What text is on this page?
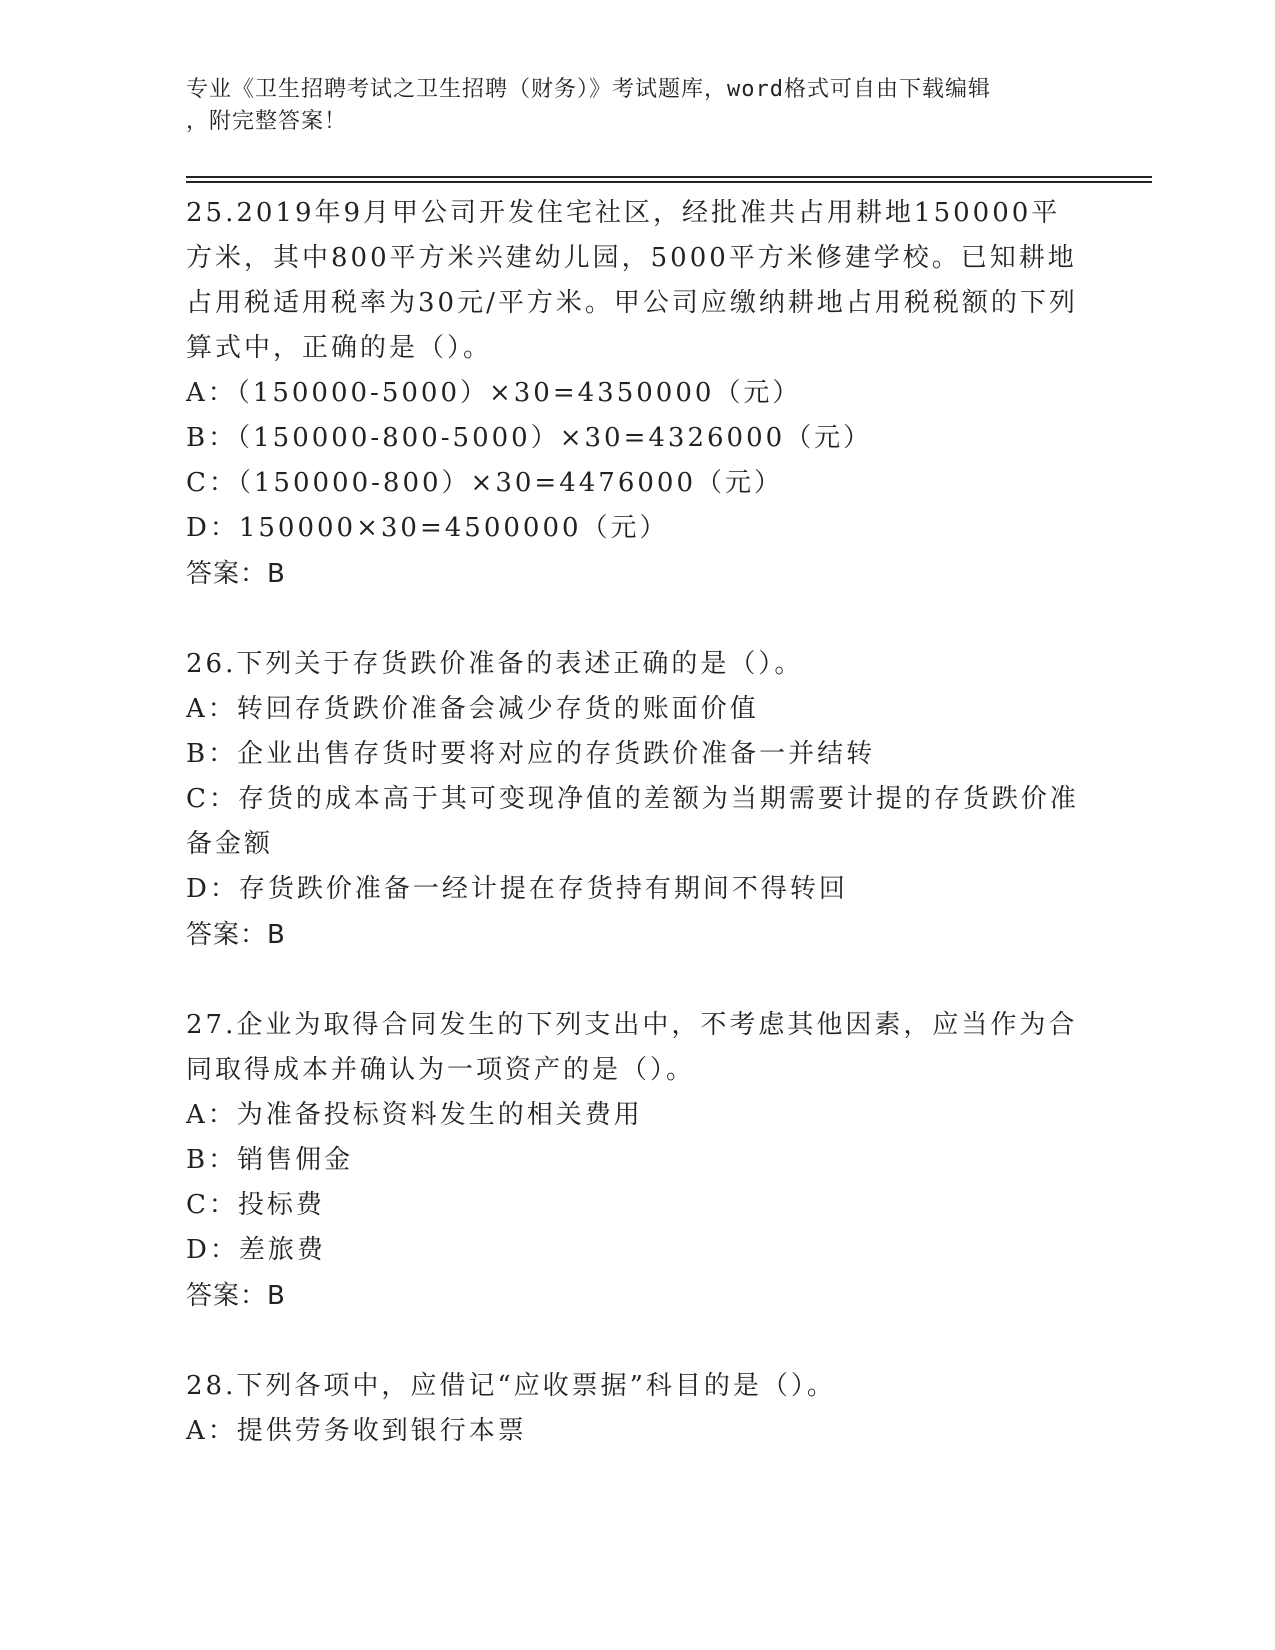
专业《卫生招聘考试之卫生招聘（财务）》考试题库，word格式可自由下载编辑
，附完整答案！
25.2019年9月甲公司开发住宅社区，经批准共占用耕地150000平方米，其中800平方米兴建幼儿园，5000平方米修建学校。已知耕地占用税适用税率为30元/平方米。甲公司应缴纳耕地占用税税额的下列算式中，正确的是（）。
A：（150000-5000）×30=4350000（元）
B：（150000-800-5000）×30=4326000（元）
C：（150000-800）×30=4476000（元）
D：150000×30=4500000（元）
答案：B
26.下列关于存货跌价准备的表述正确的是（）。
A：转回存货跌价准备会减少存货的账面价值
B：企业出售存货时要将对应的存货跌价准备一并结转
C：存货的成本高于其可变现净值的差额为当期需要计提的存货跌价准备金额
D：存货跌价准备一经计提在存货持有期间不得转回
答案：B
27.企业为取得合同发生的下列支出中，不考虑其他因素，应当作为合同取得成本并确认为一项资产的是（）。
A：为准备投标资料发生的相关费用
B：销售佣金
C：投标费
D：差旅费
答案：B
28.下列各项中，应借记“应收票据”科目的是（）。
A：提供劳务收到银行本票
